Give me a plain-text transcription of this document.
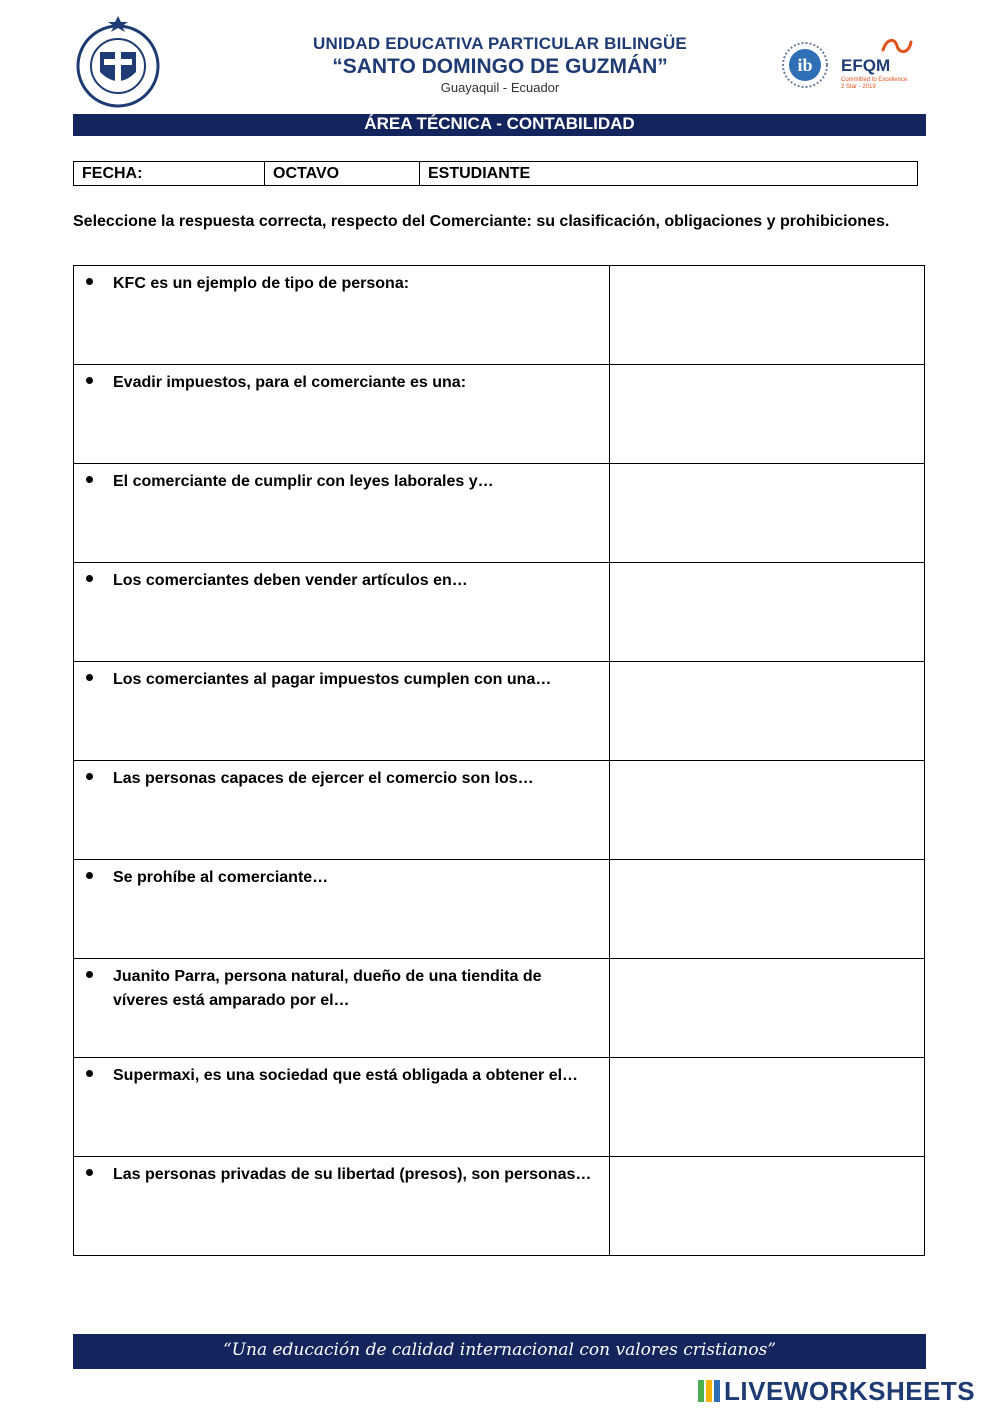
UNIDAD EDUCATIVA PARTICULAR BILINGÜE
“SANTO DOMINGO DE GUZMÁN”
Guayaquil - Ecuador
ib EFQM
Committed to Excellence
2 Star - 2019
ÁREA TÉCNICA - CONTABILIDAD
FECHA:	OCTAVO	ESTUDIANTE
Seleccione la respuesta correcta, respecto del Comerciante: su clasificación, obligaciones y prohibiciones.
KFC es un ejemplo de tipo de persona:	

Evadir impuestos, para el comerciante es una:	

El comerciante de cumplir con leyes laborales y…	

Los comerciantes deben vender artículos en…	

Los comerciantes al pagar impuestos cumplen con una…	

Las personas capaces de ejercer el comercio son los…	

Se prohíbe al comerciante…	

Juanito Parra, persona natural, dueño de una tiendita de víveres está amparado por el…	

Supermaxi, es una sociedad que está obligada a obtener el…	

Las personas privadas de su libertad (presos), son personas…	

“Una educación de calidad internacional con valores cristianos”
LIVEWORKSHEETS
